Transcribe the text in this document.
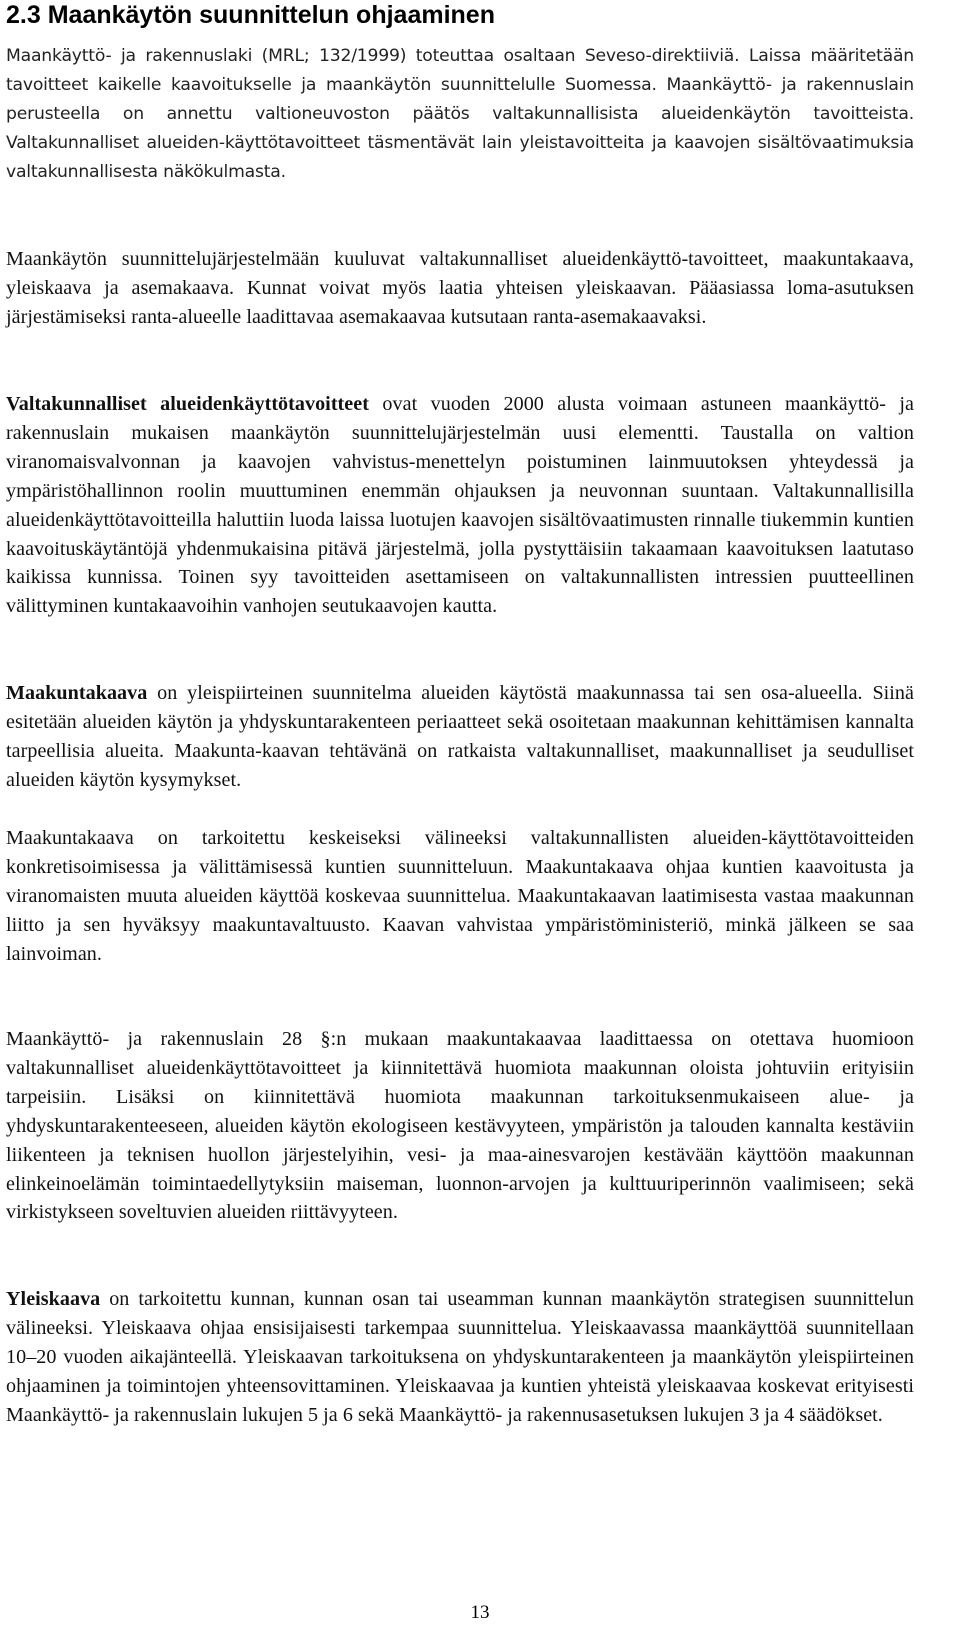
2.3 Maankäytön suunnittelun ohjaaminen

Maankäyttö- ja rakennuslaki (MRL; 132/1999) toteuttaa osaltaan Seveso-direktiiviä. Laissa määritetään tavoitteet kaikelle kaavoitukselle ja maankäytön suunnittelulle Suomessa. Maankäyttö- ja rakennuslain perusteella on annettu valtioneuvoston päätös valtakunnallisista alueidenkäytön tavoitteista. Valtakunnalliset alueiden-käyttötavoitteet täsmentävät lain yleistavoitteita ja kaavojen sisältövaatimuksia valtakunnallisesta näkökulmasta.

Maankäytön suunnittelujärjestelmään kuuluvat valtakunnalliset alueidenkäyttö-tavoitteet, maakuntakaava, yleiskaava ja asemakaava. Kunnat voivat myös laatia yhteisen yleiskaavan. Pääasiassa loma-asutuksen järjestämiseksi ranta-alueelle laadittavaa asemakaavaa kutsutaan ranta-asemakaavaksi.

Valtakunnalliset alueidenkäyttötavoitteet ovat vuoden 2000 alusta voimaan astuneen maankäyttö- ja rakennuslain mukaisen maankäytön suunnittelujärjestelmän uusi elementti. Taustalla on valtion viranomaisvalvonnan ja kaavojen vahvistus-menettelyn poistuminen lainmuutoksen yhteydessä ja ympäristöhallinnon roolin muuttuminen enemmän ohjauksen ja neuvonnan suuntaan. Valtakunnallisilla alueidenkäyttötavoitteilla haluttiin luoda laissa luotujen kaavojen sisältövaatimusten rinnalle tiukemmin kuntien kaavoituskäytäntöjä yhdenmukaisina pitävä järjestelmä, jolla pystyttäisiin takaamaan kaavoituksen laatutaso kaikissa kunnissa. Toinen syy tavoitteiden asettamiseen on valtakunnallisten intressien puutteellinen välittyminen kuntakaavoihin vanhojen seutukaavojen kautta.

Maakuntakaava on yleispiirteinen suunnitelma alueiden käytöstä maakunnassa tai sen osa-alueella. Siinä esitetään alueiden käytön ja yhdyskuntarakenteen periaatteet sekä osoitetaan maakunnan kehittämisen kannalta tarpeellisia alueita. Maakunta-kaavan tehtävänä on ratkaista valtakunnalliset, maakunnalliset ja seudulliset alueiden käytön kysymykset.

Maakuntakaava on tarkoitettu keskeiseksi välineeksi valtakunnallisten alueiden-käyttötavoitteiden konkretisoimisessa ja välittämisessä kuntien suunnitteluun. Maakuntakaava ohjaa kuntien kaavoitusta ja viranomaisten muuta alueiden käyttöä koskevaa suunnittelua. Maakuntakaavan laatimisesta vastaa maakunnan liitto ja sen hyväksyy maakuntavaltuusto. Kaavan vahvistaa ympäristöministeriö, minkä jälkeen se saa lainvoiman.

Maankäyttö- ja rakennuslain 28 §:n mukaan maakuntakaavaa laadittaessa on otettava huomioon valtakunnalliset alueidenkäyttötavoitteet ja kiinnitettävä huomiota maakunnan oloista johtuviin erityisiin tarpeisiin. Lisäksi on kiinnitettävä huomiota maakunnan tarkoituksenmukaiseen alue- ja yhdyskuntarakenteeseen, alueiden käytön ekologiseen kestävyyteen, ympäristön ja talouden kannalta kestäviin liikenteen ja teknisen huollon järjestelyihin, vesi- ja maa-ainesvarojen kestävään käyttöön maakunnan elinkeinoelämän toimintaedellytyksiin maiseman, luonnon-arvojen ja kulttuuriperinnön vaalimiseen; sekä virkistykseen soveltuvien alueiden riittävyyteen.

Yleiskaava on tarkoitettu kunnan, kunnan osan tai useamman kunnan maankäytön strategisen suunnittelun välineeksi. Yleiskaava ohjaa ensisijaisesti tarkempaa suunnittelua. Yleiskaavassa maankäyttöä suunnitellaan 10–20 vuoden aikajänteellä. Yleiskaavan tarkoituksena on yhdyskuntarakenteen ja maankäytön yleispiirteinen ohjaaminen ja toimintojen yhteensovittaminen. Yleiskaavaa ja kuntien yhteistä yleiskaavaa koskevat erityisesti Maankäyttö- ja rakennuslain lukujen 5 ja 6 sekä Maankäyttö- ja rakennusasetuksen lukujen 3 ja 4 säädökset.

13
